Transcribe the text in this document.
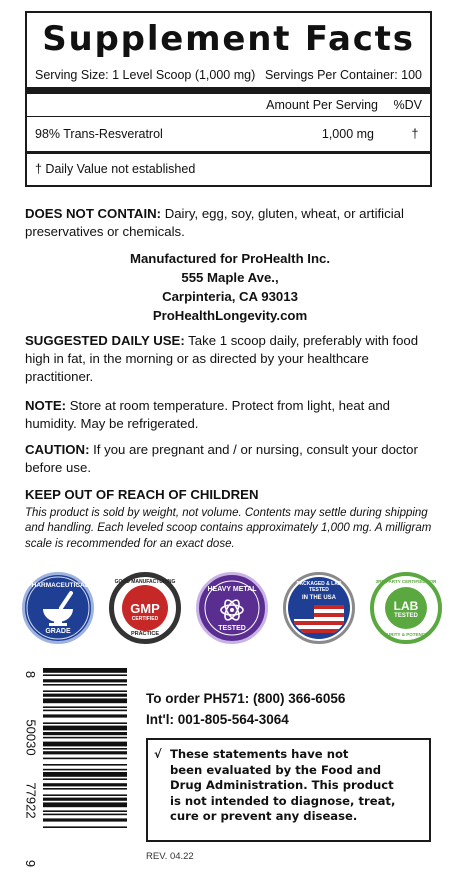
Supplement Facts
Serving Size: 1 Level Scoop (1,000 mg) Servings Per Container: 100
Amount Per Serving	%DV
98% Trans-Resveratrol	1,000 mg	†
† Daily Value not established
DOES NOT CONTAIN: Dairy, egg, soy, gluten, wheat, or artificial preservatives or chemicals.
Manufactured for ProHealth Inc.
555 Maple Ave.,
Carpinteria, CA 93013
ProHealthLongevity.com
SUGGESTED DAILY USE: Take 1 scoop daily, preferably with food high in fat, in the morning or as directed by your healthcare practitioner.
NOTE: Store at room temperature. Protect from light, heat and humidity. May be refrigerated.
CAUTION: If you are pregnant and / or nursing, consult your doctor before use.
KEEP OUT OF REACH OF CHILDREN
This product is sold by weight, not volume. Contents may settle during shipping and handling. Each leveled scoop contains approximately 1,000 mg. A milligram scale is recommended for an exact dose.
PHARMACEUTICAL
GRADE
GOOD MANUFACTURING
GMP
CERTIFIED
PRACTICE
HEAVY METAL
TESTED
PACKAGED & LAB TESTED
IN THE USA
3RD PARTY CERTIFIED FOR
LAB
TESTED
PURITY & POTENCY
8
50030
77922
9
To order PH571: (800) 366-6056
Int'l: 001-805-564-3064
√ These statements have not
been evaluated by the Food and
Drug Administration. This product
is not intended to diagnose, treat,
cure or prevent any disease.
REV. 04.22
